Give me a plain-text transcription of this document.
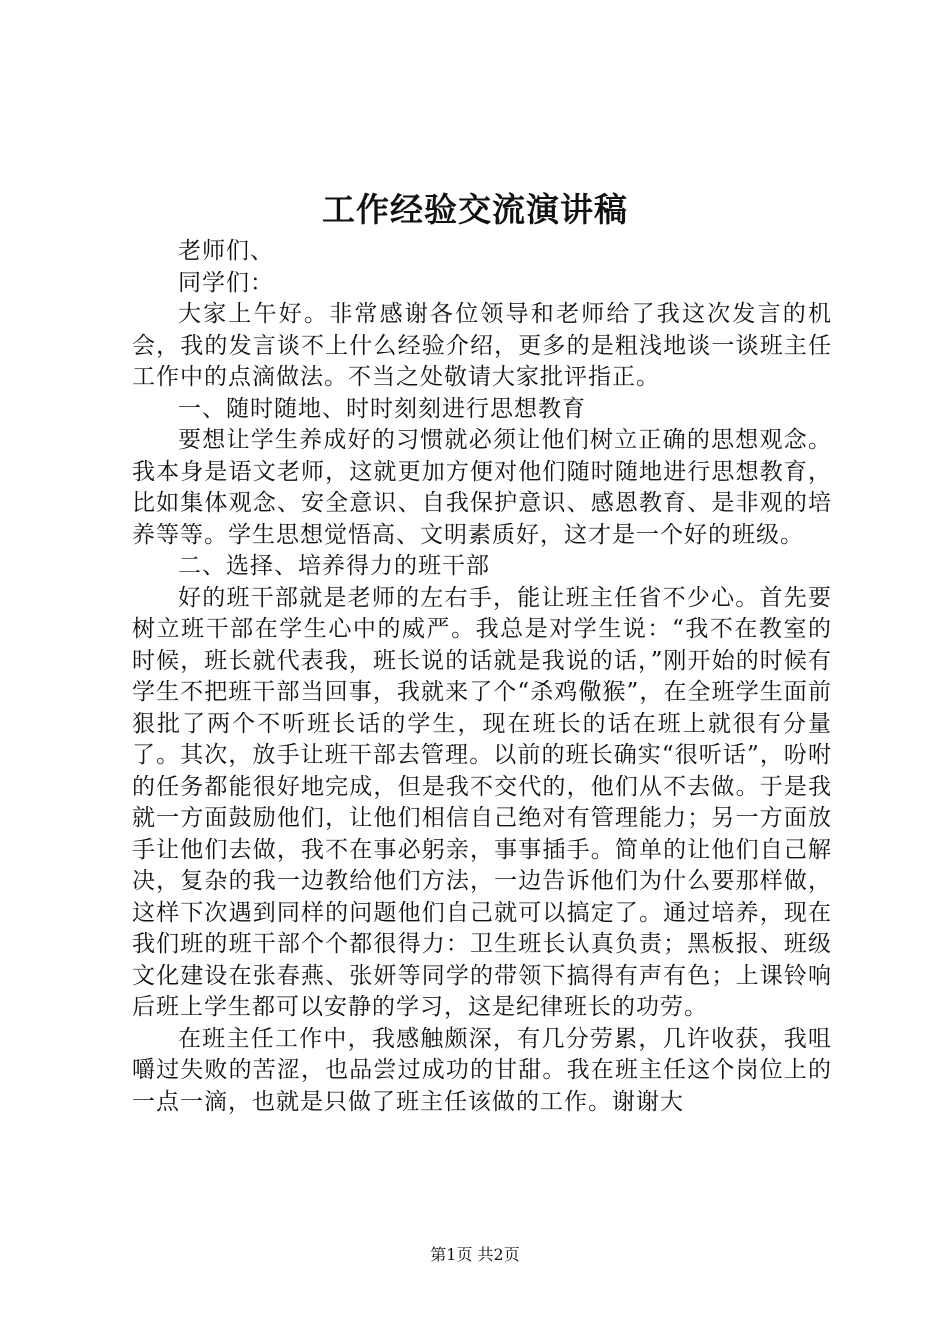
工作经验交流演讲稿

老师们、

同学们：

大家上午好。非常感谢各位领导和老师给了我这次发言的机会，我的发言谈不上什么经验介绍，更多的是粗浅地谈一谈班主任工作中的点滴做法。不当之处敬请大家批评指正。

一、随时随地、时时刻刻进行思想教育

要想让学生养成好的习惯就必须让他们树立正确的思想观念。我本身是语文老师，这就更加方便对他们随时随地进行思想教育，比如集体观念、安全意识、自我保护意识、感恩教育、是非观的培养等等。学生思想觉悟高、文明素质好，这才是一个好的班级。

二、选择、培养得力的班干部

好的班干部就是老师的左右手，能让班主任省不少心。首先要树立班干部在学生心中的威严。我总是对学生说：“我不在教室的时候，班长就代表我，班长说的话就是我说的话，”刚开始的时候有学生不把班干部当回事，我就来了个“杀鸡儆猴”，在全班学生面前狠批了两个不听班长话的学生，现在班长的话在班上就很有分量了。其次，放手让班干部去管理。以前的班长确实“很听话”，吩咐的任务都能很好地完成，但是我不交代的，他们从不去做。于是我就一方面鼓励他们，让他们相信自己绝对有管理能力；另一方面放手让他们去做，我不在事必躬亲，事事插手。简单的让他们自己解决，复杂的我一边教给他们方法，一边告诉他们为什么要那样做，这样下次遇到同样的问题他们自己就可以搞定了。通过培养，现在我们班的班干部个个都很得力：卫生班长认真负责；黑板报、班级文化建设在张春燕、张妍等同学的带领下搞得有声有色；上课铃响后班上学生都可以安静的学习，这是纪律班长的功劳。

在班主任工作中，我感触颇深，有几分劳累，几许收获，我咀嚼过失败的苦涩，也品尝过成功的甘甜。我在班主任这个岗位上的一点一滴，也就是只做了班主任该做的工作。谢谢大

第1页 共2页
